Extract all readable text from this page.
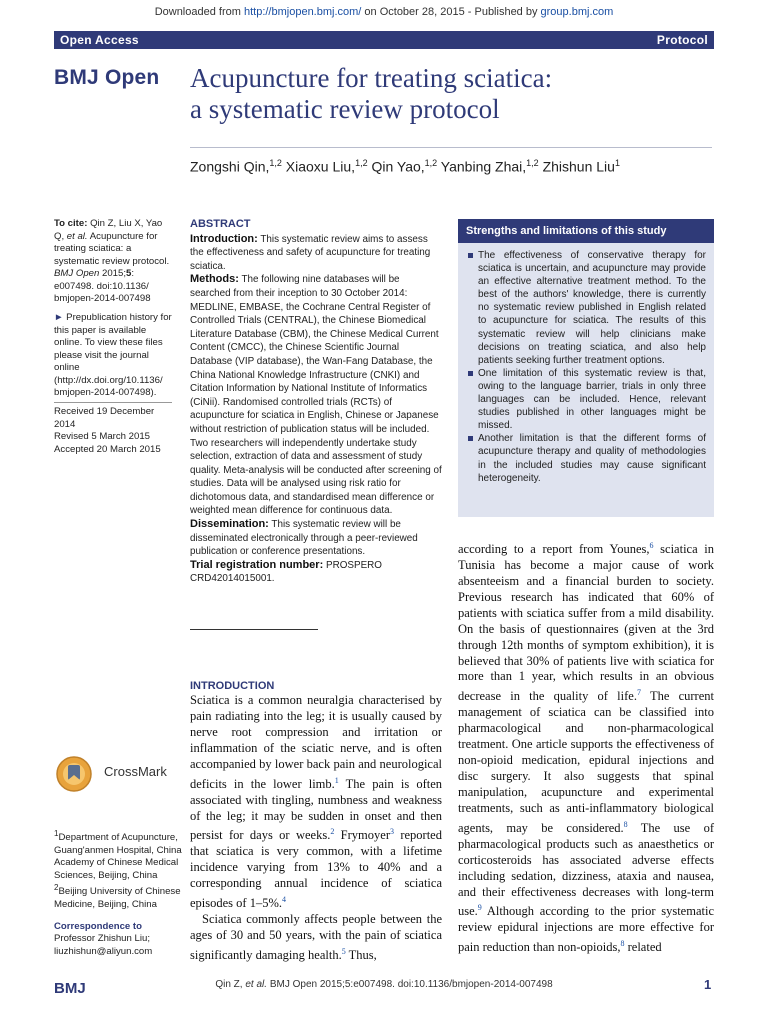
Downloaded from http://bmjopen.bmj.com/ on October 28, 2015 - Published by group.bmj.com
Open Access	Protocol
BMJ Open Acupuncture for treating sciatica:
a systematic review protocol
Zongshi Qin,$^{1,2}$ Xiaoxu Liu,$^{1,2}$ Qin Yao,$^{1,2}$ Yanbing Zhai,$^{1,2}$ Zhishun Liu$^1$
To cite: Qin Z, Liu X, Yao Q, et al. Acupuncture for treating sciatica: a systematic review protocol. BMJ Open 2015;5: e007498. doi:10.1136/ bmjopen-2014-007498
► Prepublication history for this paper is available online. To view these files please visit the journal online (http://dx.doi.org/10.1136/ bmjopen-2014-007498).
Received 19 December 2014
Revised 5 March 2015
Accepted 20 March 2015
CrossMark
$^1$Department of Acupuncture, Guang'anmen Hospital, China Academy of Chinese Medical Sciences, Beijing, China
$^2$Beijing University of Chinese Medicine, Beijing, China
Correspondence to
Professor Zhishun Liu;
liuzhishun@aliyun.com
ABSTRACT

Introduction: This systematic review aims to assess the effectiveness and safety of acupuncture for treating sciatica.

Methods: The following nine databases will be searched from their inception to 30 October 2014: MEDLINE, EMBASE, the Cochrane Central Register of Controlled Trials (CENTRAL), the Chinese Biomedical Literature Database (CBM), the Chinese Medical Current Content (CMCC), the Chinese Scientific Journal Database (VIP database), the Wan-Fang Database, the China National Knowledge Infrastructure (CNKI) and Citation Information by National Institute of Informatics (CiNii). Randomised controlled trials (RCTs) of acupuncture for sciatica in English, Chinese or Japanese without restriction of publication status will be included. Two researchers will independently undertake study selection, extraction of data and assessment of study quality. Meta-analysis will be conducted after screening of studies. Data will be analysed using risk ratio for dichotomous data, and standardised mean difference or weighted mean difference for continuous data.

Dissemination: This systematic review will be disseminated electronically through a peer-reviewed publication or conference presentations.

Trial registration number: PROSPERO CRD42014015001.

Strengths and limitations of this study
The effectiveness of conservative therapy for sciatica is uncertain, and acupuncture may provide an effective alternative treatment method. To the best of the authors' knowledge, there is currently no systematic review published in English related to acupuncture for sciatica. The results of this systematic review will help clinicians make decisions on treating sciatica, and also help patients seeking further treatment options.
One limitation of this systematic review is that, owing to the language barrier, trials in only three languages can be included. Hence, relevant studies published in other languages might be missed.
Another limitation is that the different forms of acupuncture therapy and quality of methodologies in the included studies may cause significant heterogeneity.
INTRODUCTION

Sciatica is a common neuralgia characterised by pain radiating into the leg; it is usually caused by nerve root compression and irritation or inflammation of the sciatic nerve, and is often accompanied by lower back pain and neurological deficits in the lower limb.$^1$ The pain is often associated with tingling, numbness and weakness of the leg; it may be sudden in onset and then persist for days or weeks.$^2$ Frymoyer$^3$ reported that sciatica is very common, with a lifetime incidence varying from 13% to 40% and a corresponding annual incidence of sciatica episodes of 1–5%.$^4$

Sciatica commonly affects people between the ages of 30 and 50 years, with the pain of sciatica significantly damaging health.$^5$ Thus,

according to a report from Younes,$^6$ sciatica in Tunisia has become a major cause of work absenteeism and a financial burden to society. Previous research has indicated that 60% of patients with sciatica suffer from a mild disability. On the basis of questionnaires (given at the 3rd through 12th months of symptom exhibition), it is believed that 30% of patients live with sciatica for more than 1 year, which results in an obvious decrease in the quality of life.$^7$ The current management of sciatica can be classified into pharmacological and non-pharmacological treatment. One article supports the effectiveness of non-opioid medication, epidural injections and disc surgery. It also suggests that spinal manipulation, acupuncture and experimental treatments, such as anti-inflammatory biological agents, may be considered.$^8$ The use of pharmacological products such as anaesthetics or corticosteroids has associated adverse effects including sedation, dizziness, ataxia and nausea, and their effectiveness decreases with long-term use.$^9$ Although according to the prior systematic review epidural injections are more effective for pain reduction than non-opioids,$^8$ related

BMJ	Qin Z, et al. BMJ Open 2015;5:e007498. doi:10.1136/bmjopen-2014-007498	1
